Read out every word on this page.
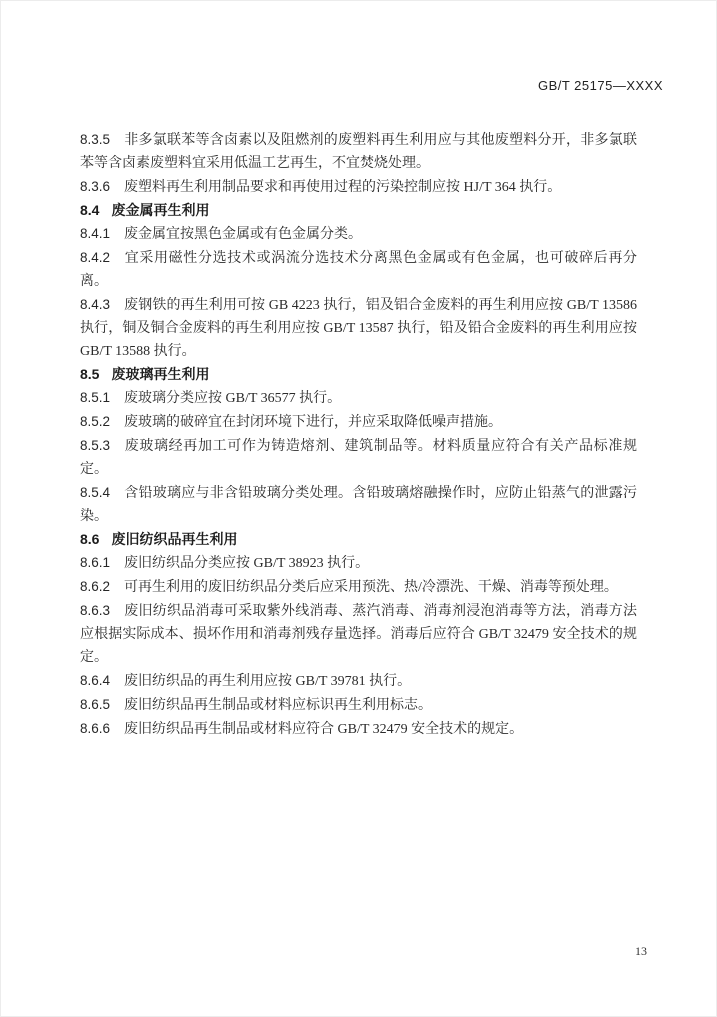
GB/T 25175—XXXX

8.3.5 非多氯联苯等含卤素以及阻燃剂的废塑料再生利用应与其他废塑料分开，非多氯联苯等含卤素废塑料宜采用低温工艺再生，不宜焚烧处理。

8.3.6 废塑料再生利用制品要求和再使用过程的污染控制应按 HJ/T 364 执行。

8.4 废金属再生利用

8.4.1 废金属宜按黑色金属或有色金属分类。

8.4.2 宜采用磁性分选技术或涡流分选技术分离黑色金属或有色金属，也可破碎后再分离。

8.4.3 废钢铁的再生利用可按 GB 4223 执行，铝及铝合金废料的再生利用应按 GB/T 13586 执行，铜及铜合金废料的再生利用应按 GB/T 13587 执行，铅及铅合金废料的再生利用应按 GB/T 13588 执行。

8.5 废玻璃再生利用

8.5.1 废玻璃分类应按 GB/T 36577 执行。

8.5.2 废玻璃的破碎宜在封闭环境下进行，并应采取降低噪声措施。

8.5.3 废玻璃经再加工可作为铸造熔剂、建筑制品等。材料质量应符合有关产品标准规定。

8.5.4 含铅玻璃应与非含铅玻璃分类处理。含铅玻璃熔融操作时，应防止铅蒸气的泄露污染。

8.6 废旧纺织品再生利用

8.6.1 废旧纺织品分类应按 GB/T 38923 执行。

8.6.2 可再生利用的废旧纺织品分类后应采用预洗、热/冷漂洗、干燥、消毒等预处理。

8.6.3 废旧纺织品消毒可采取紫外线消毒、蒸汽消毒、消毒剂浸泡消毒等方法，消毒方法应根据实际成本、损坏作用和消毒剂残存量选择。消毒后应符合 GB/T 32479 安全技术的规定。

8.6.4 废旧纺织品的再生利用应按 GB/T 39781 执行。

8.6.5 废旧纺织品再生制品或材料应标识再生利用标志。

8.6.6 废旧纺织品再生制品或材料应符合 GB/T 32479 安全技术的规定。

13
